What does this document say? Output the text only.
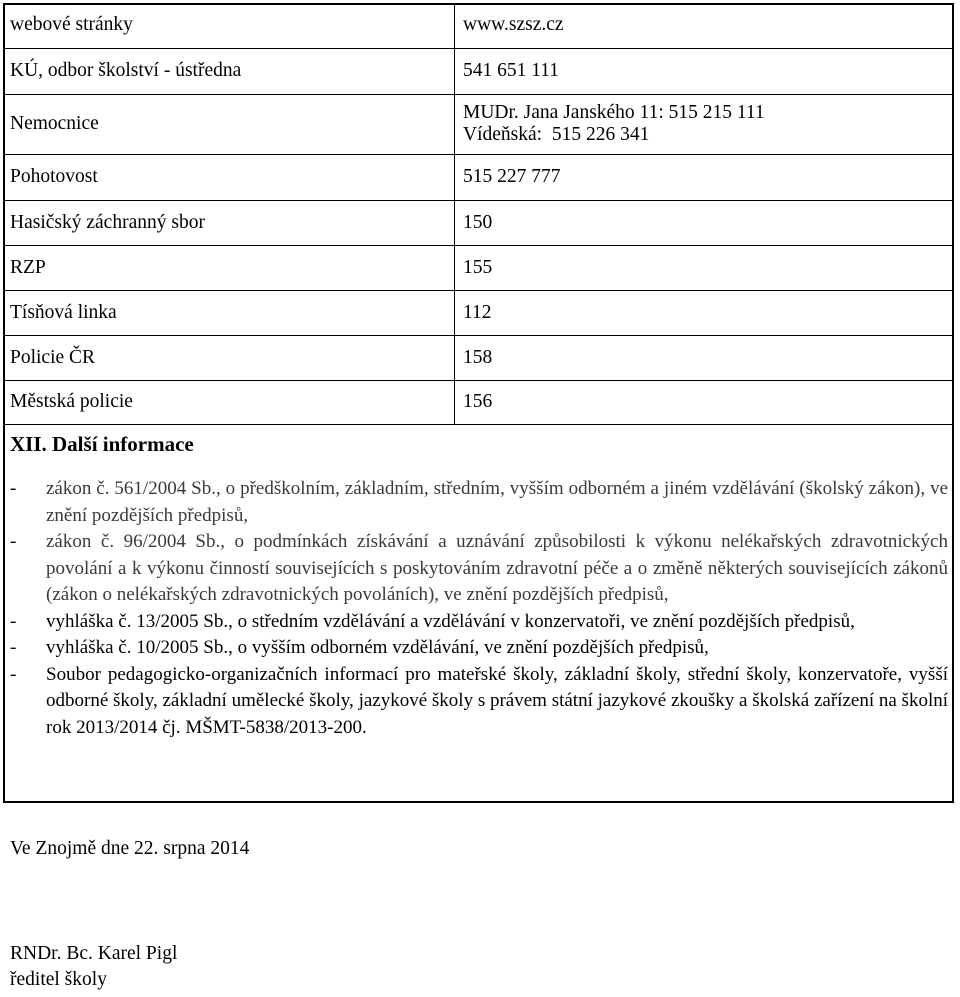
webové stránky	www.szsz.cz
KÚ, odbor školství - ústředna	541 651 111
Nemocnice	MUDr. Jana Janského 11: 515 215 111
Vídeňská:  515 226 341

Pohotovost	515 227 777
Hasičský záchranný sbor	150
RZP	155
Tísňová linka	112
Policie ČR	158
Městská policie	156
XII. Další informace
- zákon č. 561/2004 Sb., o předškolním, základním, středním, vyšším odborném a jiném vzdělávání (školský zákon), ve znění pozdějších předpisů,
- zákon č. 96/2004 Sb., o podmínkách získávání a uznávání způsobilosti k výkonu nelékařských zdravotnických povolání a k výkonu činností souvisejících s poskytováním zdravotní péče a o změně některých souvisejících zákonů (zákon o nelékařských zdravotnických povoláních), ve znění pozdějších předpisů,
- vyhláška č. 13/2005 Sb., o středním vzdělávání a vzdělávání v konzervatoři, ve znění pozdějších předpisů,
- vyhláška č. 10/2005 Sb., o vyšším odborném vzdělávání, ve znění pozdějších předpisů,
- Soubor pedagogicko-organizačních informací pro mateřské školy, základní školy, střední školy, konzervatoře, vyšší odborné školy, základní umělecké školy, jazykové školy s právem státní jazykové zkoušky a školská zařízení na školní rok 2013/2014 čj. MŠMT-5838/2013-200.
Ve Znojmě dne 22. srpna 2014
RNDr. Bc. Karel Pigl
ředitel školy
